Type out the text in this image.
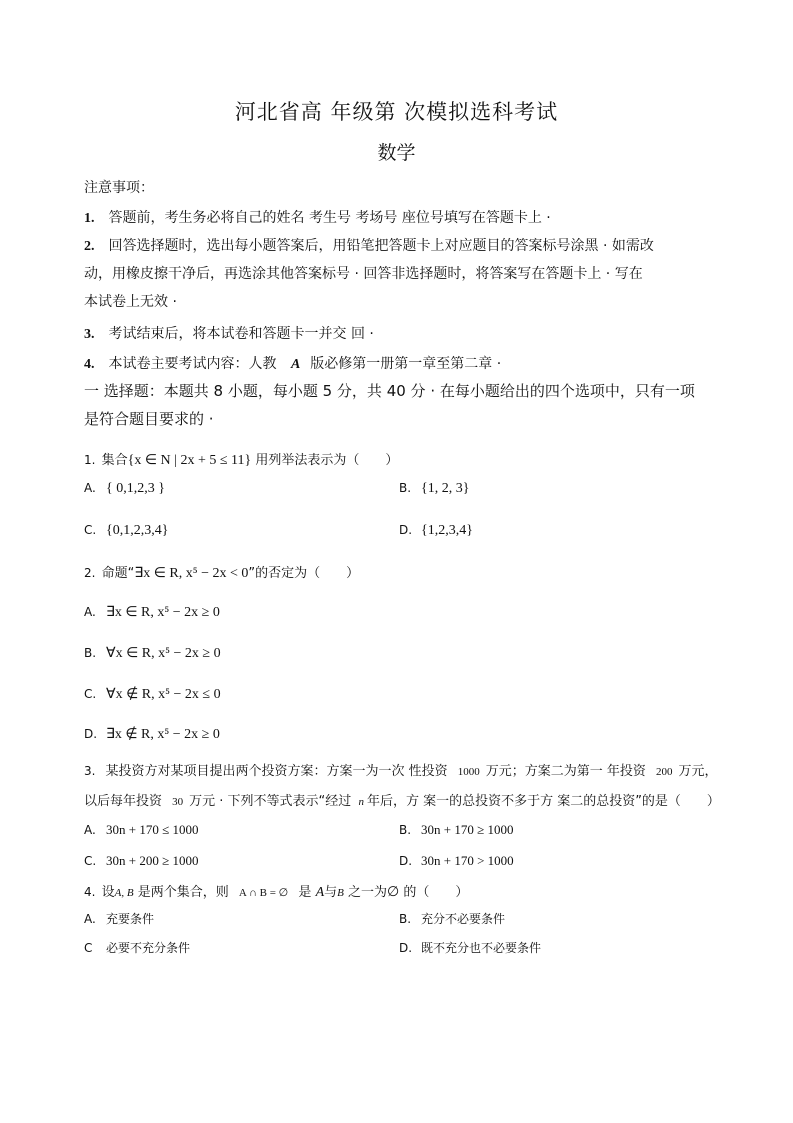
河北省高 年级第 次模拟选科考试
数学
注意事项：
1. 答题前，考生务必将自己的姓名 考生号 考场号 座位号填写在答题卡上 ·
2. 回答选择题时，选出每小题答案后，用铅笔把答题卡上对应题目的答案标号涂黑 · 如需改
动，用橡皮擦干净后，再选涂其他答案标号 · 回答非选择题时，将答案写在答题卡上 · 写在
本试卷上无效 ·
3. 考试结束后，将本试卷和答题卡一并交 回 ·
4. 本试卷主要考试内容：人教 A 版必修第一册第一章至第二章 ·
一 选择题：本题共 8 小题，每小题 5 分，共 40 分 · 在每小题给出的四个选项中，只有一项
是符合题目要求的 ·
1. 集合{x ∈ N | 2x + 5 ≤ 11} 用列举法表示为（　　）
A. { 0,1,2,3 }	B. {1, 2, 3}
C. {0,1,2,3,4}	D. {1,2,3,4}
2. 命题“∃x ∈ R, x⁵ − 2x < 0”的否定为（　　）
A. ∃x ∈ R, x⁵ − 2x ≥ 0
B. ∀x ∈ R, x⁵ − 2x ≥ 0
C. ∀x ∉ R, x⁵ − 2x ≤ 0
D. ∃x ∉ R, x⁵ − 2x ≥ 0
3. 某投资方对某项目提出两个投资方案：方案一为一次 性投资 1000 万元；方案二为第一 年投资 200 万元，
以后每年投资 30 万元 · 下列不等式表示“经过 n 年后，方 案一的总投资不多于方 案二的总投资”的是（　　）
A. 30n + 170 ≤ 1000	B. 30n + 170 ≥ 1000
C. 30n + 200 ≥ 1000	D. 30n + 170 > 1000
4. 设A, B 是两个集合，则 A ∩ B = ∅ 是 A与B 之一为∅ 的（　　）
A. 充要条件	B. 充分不必要条件
C 必要不充分条件	D. 既不充分也不必要条件
